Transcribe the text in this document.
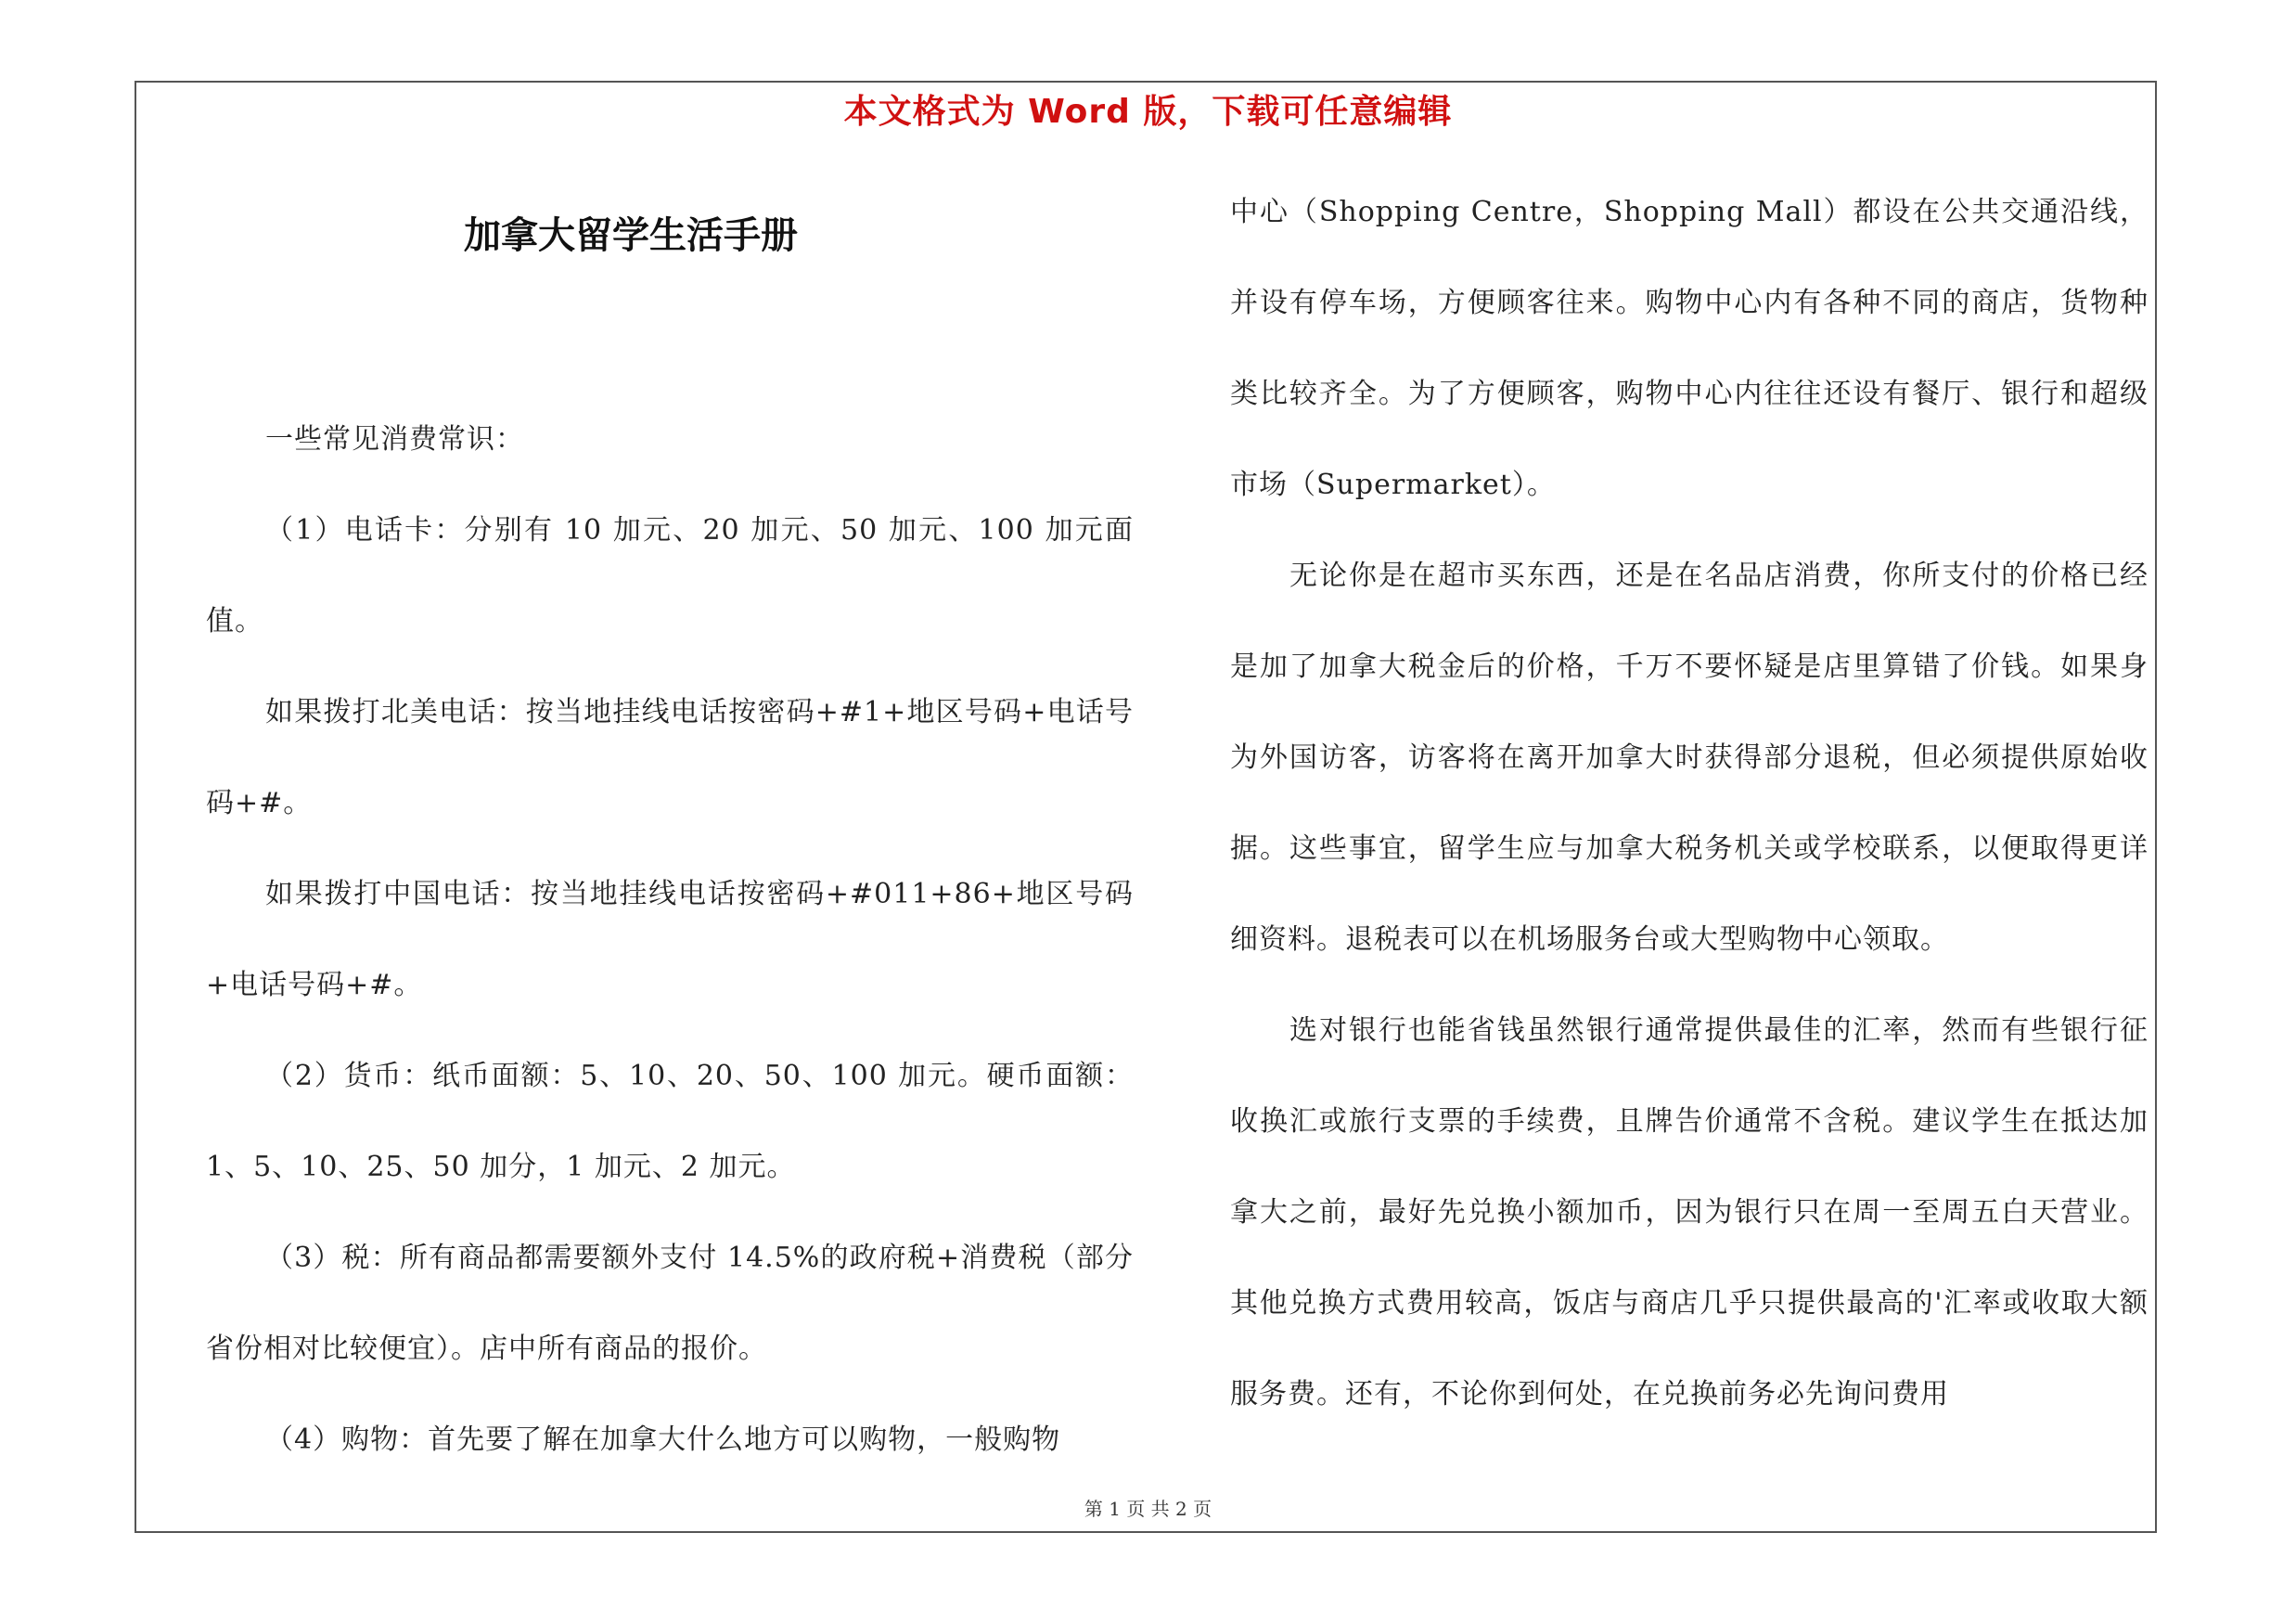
本文格式为 Word 版，下载可任意编辑
加拿大留学生活手册

一些常见消费常识：

（1）电话卡：分别有 10 加元、20 加元、50 加元、100 加元面值。

如果拨打北美电话：按当地挂线电话按密码+#1+地区号码+电话号码+#。

如果拨打中国电话：按当地挂线电话按密码+#011+86+地区号码+电话号码+#。

（2）货币：纸币面额：5、10、20、50、100 加元。硬币面额：1、5、10、25、50 加分，1 加元、2 加元。

（3）税：所有商品都需要额外支付 14.5%的政府税+消费税（部分省份相对比较便宜）。店中所有商品的报价。

（4）购物：首先要了解在加拿大什么地方可以购物，一般购物

中心（Shopping Centre，Shopping Mall）都设在公共交通沿线，并设有停车场，方便顾客往来。购物中心内有各种不同的商店，货物种类比较齐全。为了方便顾客，购物中心内往往还设有餐厅、银行和超级市场（Supermarket）。

无论你是在超市买东西，还是在名品店消费，你所支付的价格已经是加了加拿大税金后的价格，千万不要怀疑是店里算错了价钱。如果身为外国访客，访客将在离开加拿大时获得部分退税，但必须提供原始收据。这些事宜，留学生应与加拿大税务机关或学校联系，以便取得更详细资料。退税表可以在机场服务台或大型购物中心领取。

选对银行也能省钱虽然银行通常提供最佳的汇率，然而有些银行征收换汇或旅行支票的手续费，且牌告价通常不含税。建议学生在抵达加拿大之前，最好先兑换小额加币，因为银行只在周一至周五白天营业。其他兑换方式费用较高，饭店与商店几乎只提供最高的'汇率或收取大额服务费。还有，不论你到何处，在兑换前务必先询问费用

第 1 页 共 2 页
